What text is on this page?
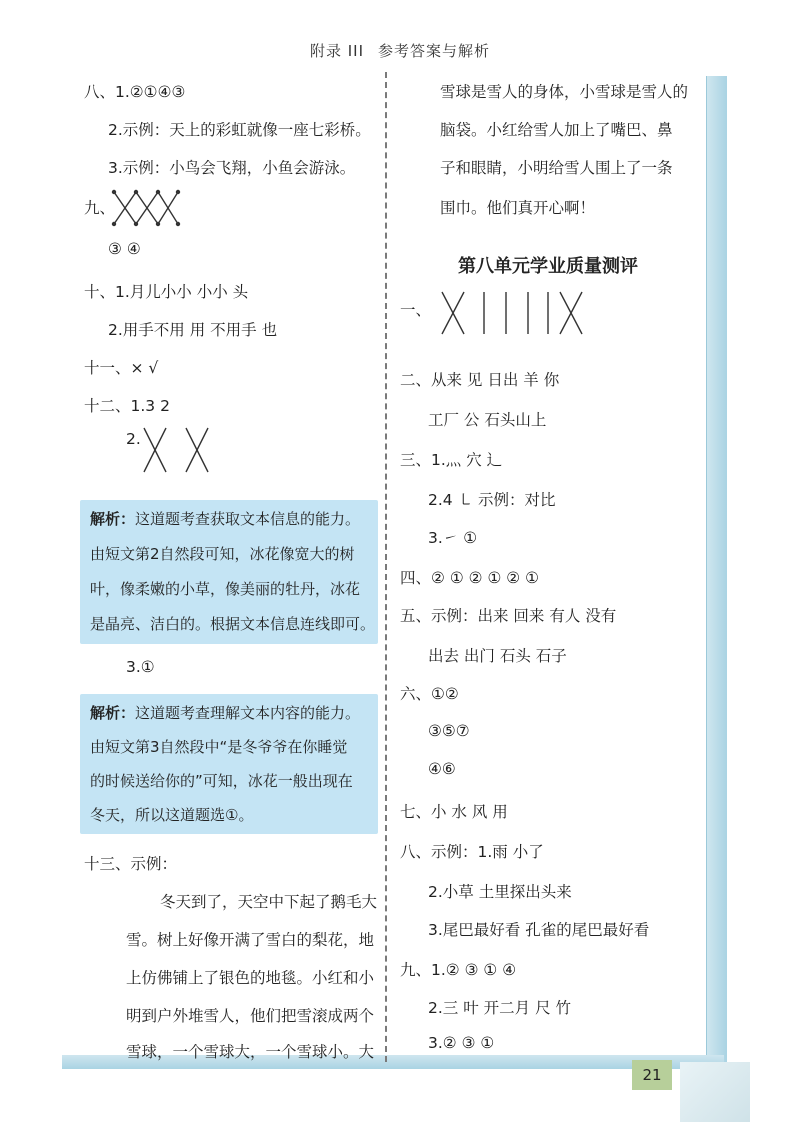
附录 III 参考答案与解析
八、1.②①④③
2.示例：天上的彩虹就像一座七彩桥。
3.示例：小鸟会飞翔，小鱼会游泳。
九、
③ ④
十、1.月儿小小 小小 头
2.用手不用 用 不用手 也
十一、× √
十二、1.3 2
2.
解析：这道题考查获取文本信息的能力。
由短文第2自然段可知，冰花像宽大的树
叶，像柔嫩的小草，像美丽的牡丹，冰花
是晶亮、洁白的。根据文本信息连线即可。
3.①
解析：这道题考查理解文本内容的能力。
由短文第3自然段中“是冬爷爷在你睡觉
的时候送给你的”可知，冰花一般出现在
冬天，所以这道题选①。
十三、示例：
冬天到了，天空中下起了鹅毛大
雪。树上好像开满了雪白的梨花，地
上仿佛铺上了银色的地毯。小红和小
明到户外堆雪人，他们把雪滚成两个
雪球，一个雪球大，一个雪球小。大
雪球是雪人的身体，小雪球是雪人的
脑袋。小红给雪人加上了嘴巴、鼻
子和眼睛，小明给雪人围上了一条
围巾。他们真开心啊！
第八单元学业质量测评
一、
二、从来 见 日出 羊 你
工厂 公 石头山上
三、1.灬 穴 辶
2.4 ㇄ 示例：对比
3.㇀ ①
四、② ① ② ① ② ①
五、示例：出来 回来 有人 没有
出去 出门 石头 石子
六、①②
③⑤⑦
④⑥
七、小 水 风 用
八、示例：1.雨 小了
2.小草 土里探出头来
3.尾巴最好看 孔雀的尾巴最好看
九、1.② ③ ① ④
2.三 叶 开二月 尺 竹
3.② ③ ①
21
